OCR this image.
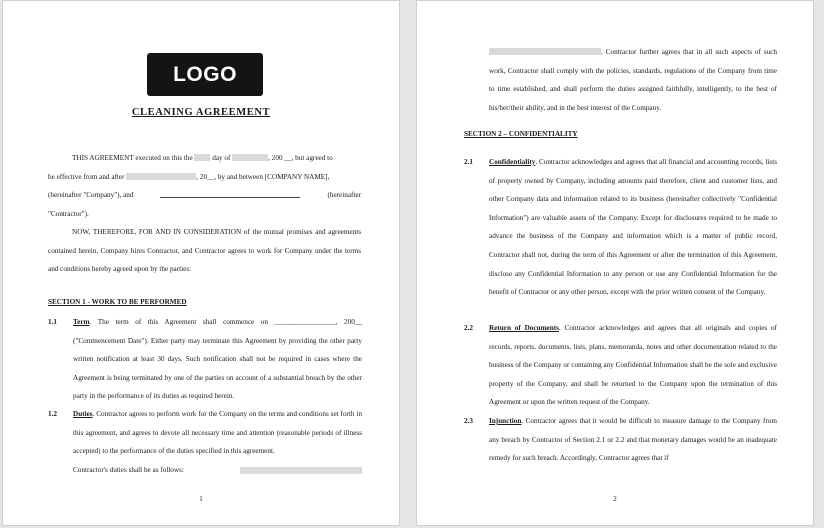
LOGO
CLEANING AGREEMENT
THIS AGREEMENT executed on this the	day of	, 200 __, but agreed to
be effective from and after	, 20__, by and between [COMPANY NAME],
(hereinafter "Company"), and	(hereinafter
"Contractor").
NOW, THEREFORE, FOR AND IN CONSIDERATION of the mutual promises and agreements contained herein, Company hires Contractor, and Contractor agrees to work for Company under the terms and conditions hereby agreed upon by the parties:
SECTION 1 - WORK TO BE PERFORMED
1.1 Term. The term of this Agreement shall commence on _________________, 200__ ("Commencement Date"). Either party may terminate this Agreement by providing the other party written notification at least 30 days. Such notification shall not be required in cases where the Agreement is being terminated by one of the parties on account of a substantial breach by the other party in the performance of its duties as required herein.
1.2 Duties. Contractor agrees to perform work for the Company on the terms and conditions set forth in this agreement, and agrees to devote all necessary time and attention (reasonable periods of illness accepted) to the performance of the duties specified in this agreement.
Contractor's duties shall be as follows:
1
. Contractor further agrees that in all such aspects of such work, Contractor shall comply with the policies, standards, regulations of the Company from time to time established, and shall perform the duties assigned faithfully, intelligently, to the best of his/her/their ability, and in the best interest of the Company.
SECTION 2 – CONFIDENTIALITY
2.1 Confidentiality. Contractor acknowledges and agrees that all financial and accounting records, lists of property owned by Company, including amounts paid therefore, client and customer lists, and other Company data and information related to its business (hereinafter collectively "Confidential Information") are valuable assets of the Company. Except for disclosures required to be made to advance the business of the Company and information which is a matter of public record, Contractor shall not, during the term of this Agreement or after the termination of this Agreement, disclose any Confidential Information to any person or use any Confidential Information for the benefit of Contractor or any other person, except with the prior written consent of the Company.
2.2 Return of Documents. Contractor acknowledges and agrees that all originals and copies of records, reports, documents, lists, plans, memoranda, notes and other documentation related to the business of the Company or containing any Confidential Information shall be the sole and exclusive property of the Company, and shall be returned to the Company upon the termination of this Agreement or upon the written request of the Company.
2.3 Injunction. Contractor agrees that it would be difficult to measure damage to the Company from any breach by Contractor of Section 2.1 or 2.2 and that monetary damages would be an inadequate remedy for such breach. Accordingly, Contractor agrees that if
2
